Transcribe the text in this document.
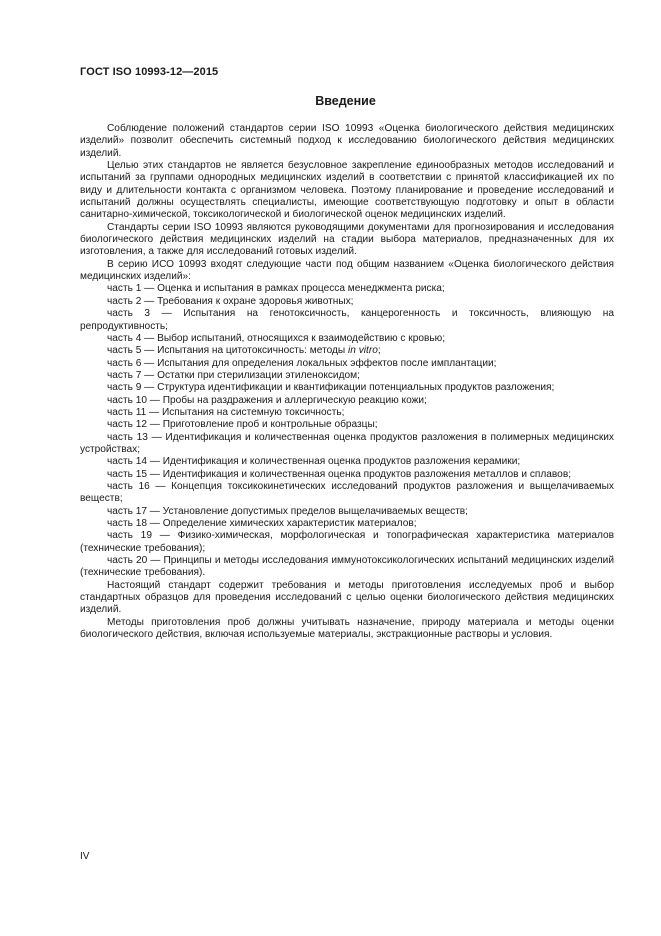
ГОСТ ISO 10993-12—2015
Введение

Соблюдение положений стандартов серии ISO 10993 «Оценка биологического действия медицинских изделий» позволит обеспечить системный подход к исследованию биологического действия медицинских изделий.

Целью этих стандартов не является безусловное закрепление единообразных методов исследований и испытаний за группами однородных медицинских изделий в соответствии с принятой классификацией их по виду и длительности контакта с организмом человека. Поэтому планирование и проведение исследований и испытаний должны осуществлять специалисты, имеющие соответствующую подготовку и опыт в области санитарно-химической, токсикологической и биологической оценок медицинских изделий.

Стандарты серии ISO 10993 являются руководящими документами для прогнозирования и исследования биологического действия медицинских изделий на стадии выбора материалов, предназначенных для их изготовления, а также для исследований готовых изделий.

В серию ИСО 10993 входят следующие части под общим названием «Оценка биологического действия медицинских изделий»:

часть 1 — Оценка и испытания в рамках процесса менеджмента риска;

часть 2 — Требования к охране здоровья животных;

часть 3 — Испытания на генотоксичность, канцерогенность и токсичность, влияющую на репродуктивность;

часть 4 — Выбор испытаний, относящихся к взаимодействию с кровью;

часть 5 — Испытания на цитотоксичность: методы in vitro;

часть 6 — Испытания для определения локальных эффектов после имплантации;

часть 7 — Остатки при стерилизации этиленоксидом;

часть 9 — Структура идентификации и квантификации потенциальных продуктов разложения;

часть 10 — Пробы на раздражения и аллергическую реакцию кожи;

часть 11 — Испытания на системную токсичность;

часть 12 — Приготовление проб и контрольные образцы;

часть 13 — Идентификация и количественная оценка продуктов разложения в полимерных медицинских устройствах;

часть 14 — Идентификация и количественная оценка продуктов разложения керамики;

часть 15 — Идентификация и количественная оценка продуктов разложения металлов и сплавов;

часть 16 — Концепция токсикокинетических исследований продуктов разложения и выщелачиваемых веществ;

часть 17 — Установление допустимых пределов выщелачиваемых веществ;

часть 18 — Определение химических характеристик материалов;

часть 19 — Физико-химическая, морфологическая и топографическая характеристика материалов (технические требования);

часть 20 — Принципы и методы исследования иммунотоксикологических испытаний медицинских изделий (технические требования).

Настоящий стандарт содержит требования и методы приготовления исследуемых проб и выбор стандартных образцов для проведения исследований с целью оценки биологического действия медицинских изделий.

Методы приготовления проб должны учитывать назначение, природу материала и методы оценки биологического действия, включая используемые материалы, экстракционные растворы и условия.

IV
